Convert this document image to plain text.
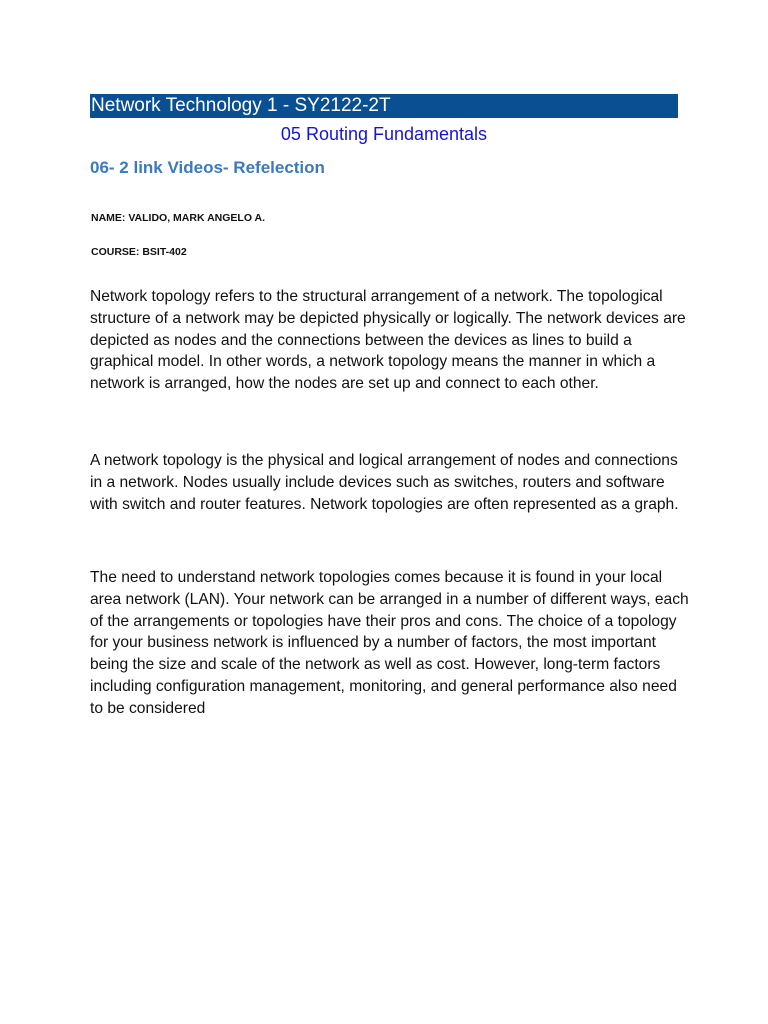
Network Technology 1 - SY2122-2T
05 Routing Fundamentals
06- 2 link Videos- Refelection
NAME: VALIDO, MARK ANGELO A.
COURSE: BSIT-402

Network topology refers to the structural arrangement of a network. The topological structure of a network may be depicted physically or logically. The network devices are depicted as nodes and the connections between the devices as lines to build a graphical model. In other words, a network topology means the manner in which a network is arranged, how the nodes are set up and connect to each other.

A network topology is the physical and logical arrangement of nodes and connections in a network. Nodes usually include devices such as switches, routers and software with switch and router features. Network topologies are often represented as a graph.

The need to understand network topologies comes because it is found in your local area network (LAN). Your network can be arranged in a number of different ways, each of the arrangements or topologies have their pros and cons. The choice of a topology for your business network is influenced by a number of factors, the most important being the size and scale of the network as well as cost. However, long-term factors including configuration management, monitoring, and general performance also need to be considered
